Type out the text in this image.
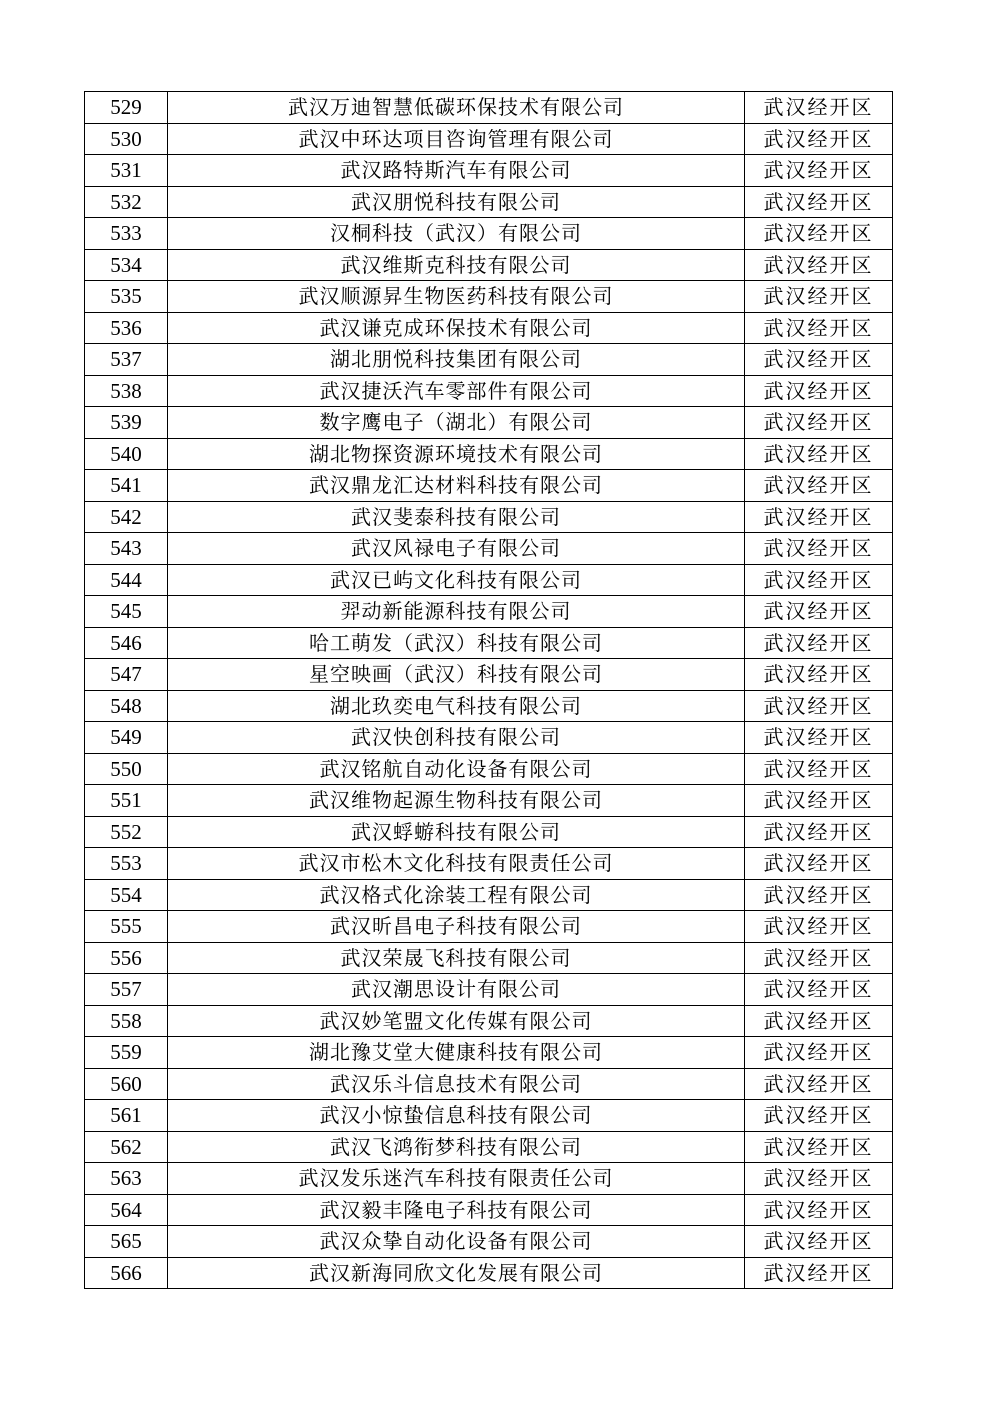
529	武汉万迪智慧低碳环保技术有限公司	武汉经开区
530	武汉中环达项目咨询管理有限公司	武汉经开区
531	武汉路特斯汽车有限公司	武汉经开区
532	武汉朋悦科技有限公司	武汉经开区
533	汉桐科技（武汉）有限公司	武汉经开区
534	武汉维斯克科技有限公司	武汉经开区
535	武汉顺源昇生物医药科技有限公司	武汉经开区
536	武汉谦克成环保技术有限公司	武汉经开区
537	湖北朋悦科技集团有限公司	武汉经开区
538	武汉捷沃汽车零部件有限公司	武汉经开区
539	数字鹰电子（湖北）有限公司	武汉经开区
540	湖北物探资源环境技术有限公司	武汉经开区
541	武汉鼎龙汇达材料科技有限公司	武汉经开区
542	武汉斐泰科技有限公司	武汉经开区
543	武汉风禄电子有限公司	武汉经开区
544	武汉已屿文化科技有限公司	武汉经开区
545	羿动新能源科技有限公司	武汉经开区
546	哈工萌发（武汉）科技有限公司	武汉经开区
547	星空映画（武汉）科技有限公司	武汉经开区
548	湖北玖奕电气科技有限公司	武汉经开区
549	武汉快创科技有限公司	武汉经开区
550	武汉铭航自动化设备有限公司	武汉经开区
551	武汉维物起源生物科技有限公司	武汉经开区
552	武汉蜉蝣科技有限公司	武汉经开区
553	武汉市松木文化科技有限责任公司	武汉经开区
554	武汉格式化涂装工程有限公司	武汉经开区
555	武汉昕昌电子科技有限公司	武汉经开区
556	武汉荣晟飞科技有限公司	武汉经开区
557	武汉潮思设计有限公司	武汉经开区
558	武汉妙笔盟文化传媒有限公司	武汉经开区
559	湖北豫艾堂大健康科技有限公司	武汉经开区
560	武汉乐斗信息技术有限公司	武汉经开区
561	武汉小惊蛰信息科技有限公司	武汉经开区
562	武汉飞鸿衔梦科技有限公司	武汉经开区
563	武汉发乐迷汽车科技有限责任公司	武汉经开区
564	武汉毅丰隆电子科技有限公司	武汉经开区
565	武汉众挚自动化设备有限公司	武汉经开区
566	武汉新海同欣文化发展有限公司	武汉经开区
